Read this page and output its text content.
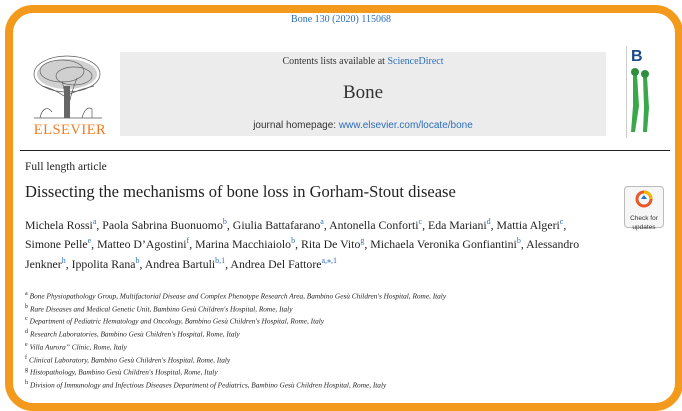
Bone 130 (2020) 115068
Contents lists available at ScienceDirect
Bone
journal homepage: www.elsevier.com/locate/bone
ELSEVIER
B
Full length article
Dissecting the mechanisms of bone loss in Gorham-Stout disease
Check for
updates
Michela Rossi$^a$, Paola Sabrina Buonuomo$^b$, Giulia Battafarano$^a$, Antonella Conforti$^c$, Eda Mariani$^d$, Mattia Algeri$^c$, Simone Pelle$^e$, Matteo D’Agostini$^f$, Marina Macchiaiolo$^b$, Rita De Vito$^g$, Michaela Veronika Gonfiantini$^b$, Alessandro Jenkner$^h$, Ippolita Rana$^b$, Andrea Bartuli$^{b,1}$, Andrea Del Fattore$^{a,⁎,1}$
$^a$ Bone Physiopathology Group, Multifactorial Disease and Complex Phenotype Research Area, Bambino Gesù Children's Hospital, Rome, Italy
$^b$ Rare Diseases and Medical Genetic Unit, Bambino Gesù Children's Hospital, Rome, Italy
$^c$ Department of Pediatric Hematology and Oncology, Bambino Gesù Children's Hospital, Rome, Italy
$^d$ Research Laboratories, Bambino Gesù Children's Hospital, Rome, Italy
$^e$ Villa Aurora” Clinic, Rome, Italy
$^f$ Clinical Laboratory, Bambino Gesù Children's Hospital, Rome, Italy
$^g$ Histopathology, Bambino Gesù Children's Hospital, Rome, Italy
$^h$ Division of Immunology and Infectious Diseases Department of Pediatrics, Bambino Gesù Children Hospital, Rome, Italy
